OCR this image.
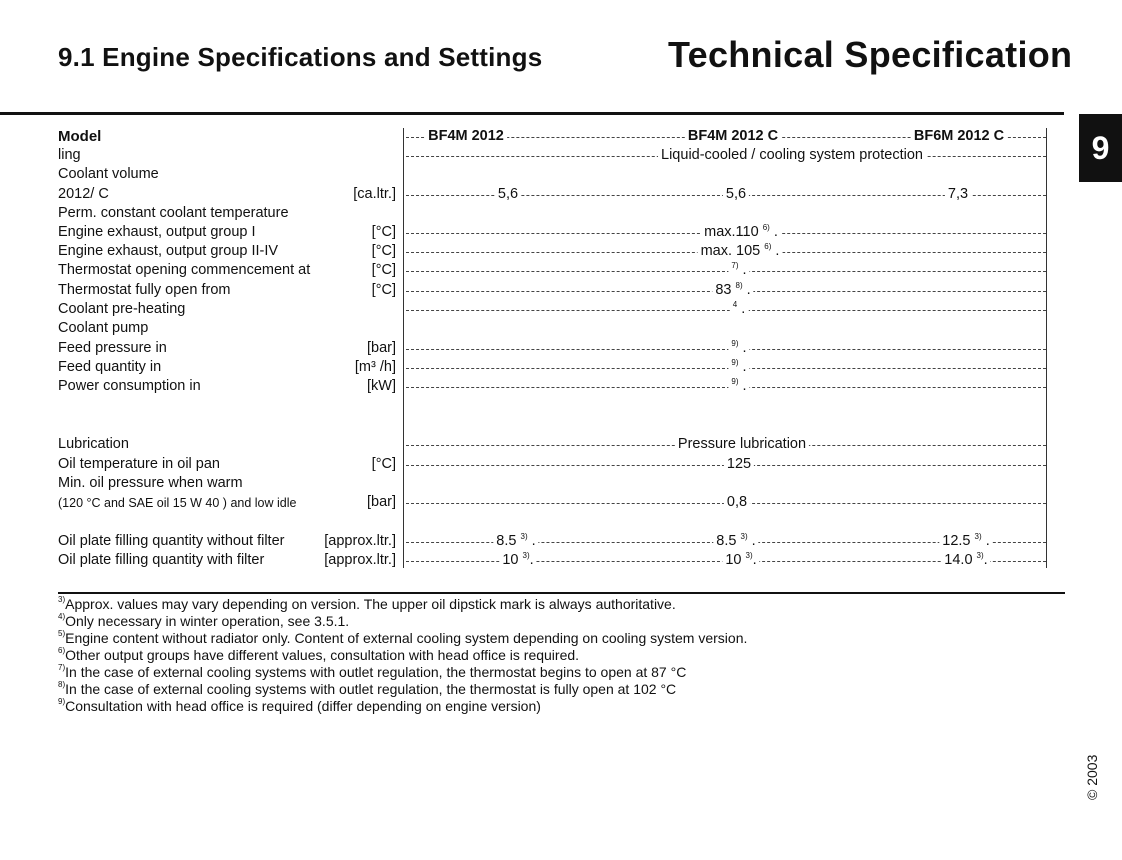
9.1 Engine Specifications and Settings	Technical Specification
9
Model	BF4M 2012	BF4M 2012 C	BF6M 2012 C
ling	Liquid-cooled / cooling system protection
Coolant volume
2012/ C	[ca.ltr.]	5,6	5,6	7,3
Perm. constant coolant temperature
Engine exhaust, output group I	[°C]	max.110 $^{6)}$ .
Engine exhaust, output group II-IV	[°C]	max. 105 $^{6)}$ .
Thermostat opening commencement at	[°C]	$^{7)}$ .
Thermostat fully open from	[°C]	83 $^{8)}$ .
Coolant pre-heating	$^4$ .
Coolant pump
Feed pressure in	[bar]	$^{9)}$ .
Feed quantity in	[m³ /h]	$^{9)}$ .
Power consumption in	[kW]	$^{9)}$ .
Lubrication	Pressure lubrication
Oil temperature in oil pan	[°C]	125
Min. oil pressure when warm
(120 °C and SAE oil 15 W 40 ) and low idle	[bar]	0,8
Oil plate filling quantity without filter	[approx.ltr.]	8.5 $^{3)}$ .	8.5 $^{3)}$ .	12.5 $^{3)}$ .
Oil plate filling quantity with filter	[approx.ltr.]	10 $^{3)}$.	10 $^{3)}$.	14.0 $^{3)}$.
$^{3)}$Approx. values may vary depending on version. The upper oil dipstick mark is always authoritative.
$^{4)}$Only necessary in winter operation, see 3.5.1.
$^{5)}$Engine content without radiator only. Content of external cooling system depending on cooling system version.
$^{6)}$Other output groups have different values, consultation with head office is required.
$^{7)}$In the case of external cooling systems with outlet regulation, the thermostat begins to open at 87 °C
$^{8)}$In the case of external cooling systems with outlet regulation, the thermostat is fully open at 102 °C
$^{9)}$Consultation with head office is required (differ depending on engine version)
© 2003
